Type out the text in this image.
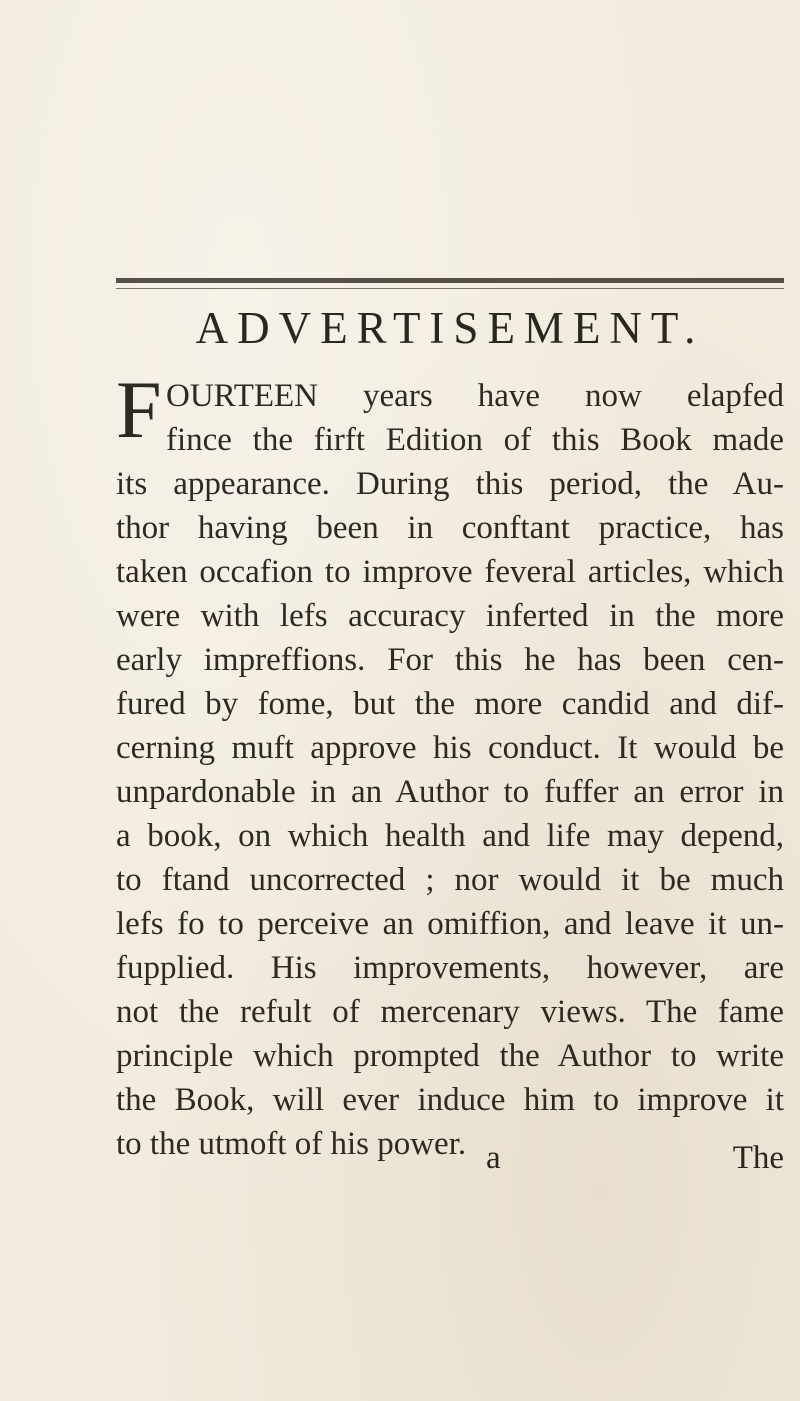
ADVERTISEMENT.
F OURTEEN years have now elapfed
fince the firft Edition of this Book made
its appearance. During this period, the Au-
thor having been in conftant practice, has
taken occafion to improve feveral articles, which
were with lefs accuracy inferted in the more
early impreffions. For this he has been cen-
fured by fome, but the more candid and dif-
cerning muft approve his conduct. It would be
unpardonable in an Author to fuffer an error in
a book, on which health and life may depend,
to ftand uncorrected ; nor would it be much
lefs fo to perceive an omiffion, and leave it un-
fupplied. His improvements, however, are
not the refult of mercenary views. The fame
principle which prompted the Author to write
the Book, will ever induce him to improve it
to the utmoft of his power. a	The
